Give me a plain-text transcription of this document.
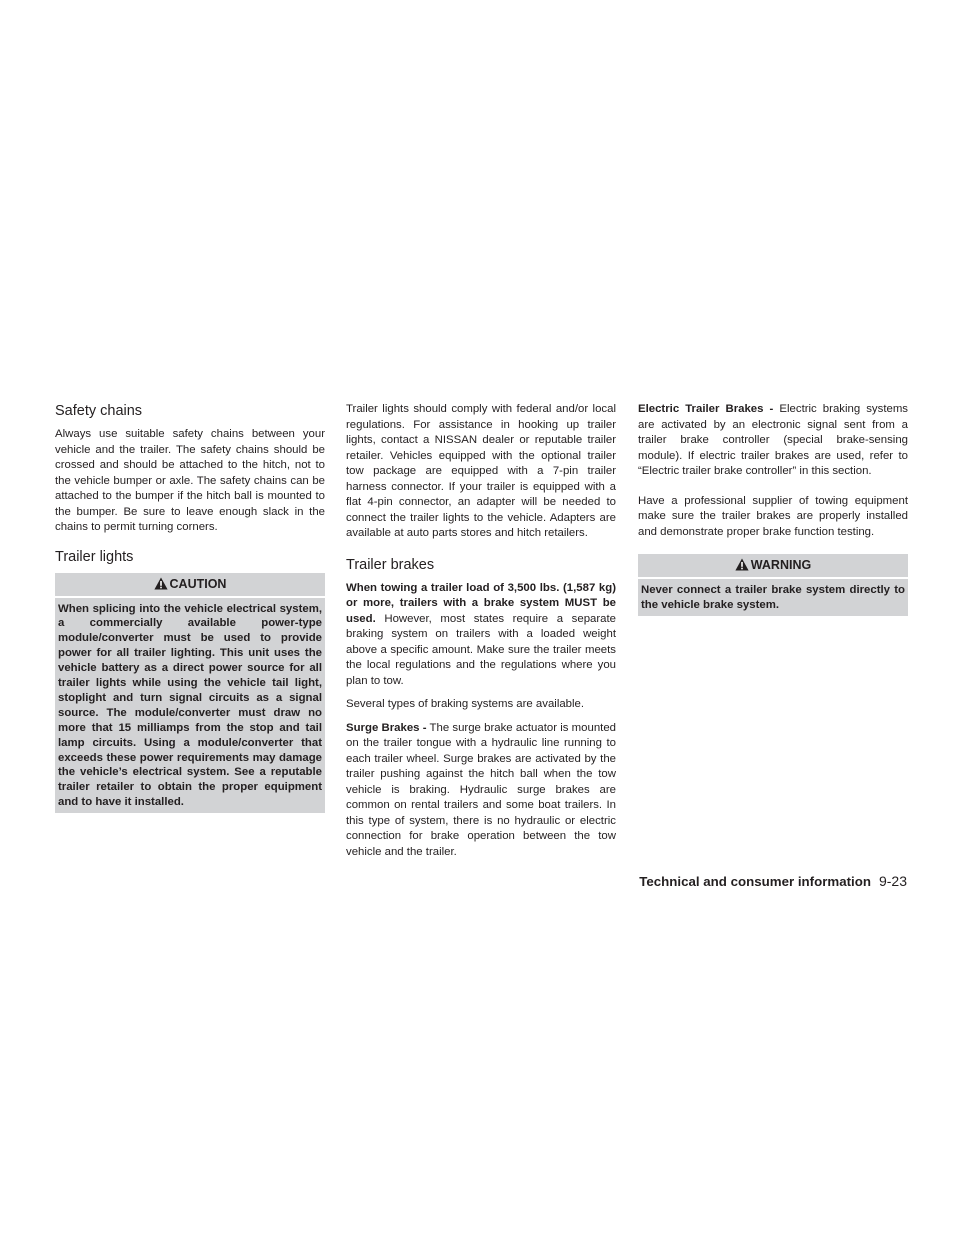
Safety chains

Always use suitable safety chains between your vehicle and the trailer. The safety chains should be crossed and should be attached to the hitch, not to the vehicle bumper or axle. The safety chains can be attached to the bumper if the hitch ball is mounted to the bumper. Be sure to leave enough slack in the chains to permit turning corners.

Trailer lights
CAUTION
When splicing into the vehicle electrical system, a commercially available power-type module/converter must be used to provide power for all trailer lighting. This unit uses the vehicle battery as a direct power source for all trailer lights while using the vehicle tail light, stoplight and turn signal circuits as a signal source. The module/converter must draw no more that 15 milliamps from the stop and tail lamp circuits. Using a module/converter that exceeds these power requirements may damage the vehicle’s electrical system. See a reputable trailer retailer to obtain the proper equipment and to have it installed.

Trailer lights should comply with federal and/or local regulations. For assistance in hooking up trailer lights, contact a NISSAN dealer or reputable trailer retailer. Vehicles equipped with the optional trailer tow package are equipped with a 7-pin trailer harness connector. If your trailer is equipped with a flat 4-pin connector, an adapter will be needed to connect the trailer lights to the vehicle. Adapters are available at auto parts stores and hitch retailers.

Trailer brakes

When towing a trailer load of 3,500 lbs. (1,587 kg) or more, trailers with a brake system MUST be used. However, most states require a separate braking system on trailers with a loaded weight above a specific amount. Make sure the trailer meets the local regulations and the regulations where you plan to tow.

Several types of braking systems are available.

Surge Brakes - The surge brake actuator is mounted on the trailer tongue with a hydraulic line running to each trailer wheel. Surge brakes are activated by the trailer pushing against the hitch ball when the tow vehicle is braking. Hydraulic surge brakes are common on rental trailers and some boat trailers. In this type of system, there is no hydraulic or electric connection for brake operation between the tow vehicle and the trailer.

Electric Trailer Brakes - Electric braking systems are activated by an electronic signal sent from a trailer brake controller (special brake-sensing module). If electric trailer brakes are used, refer to “Electric trailer brake controller” in this section.

Have a professional supplier of towing equipment make sure the trailer brakes are properly installed and demonstrate proper brake function testing.

WARNING
Never connect a trailer brake system directly to the vehicle brake system.
Technical and consumer information 9-23
